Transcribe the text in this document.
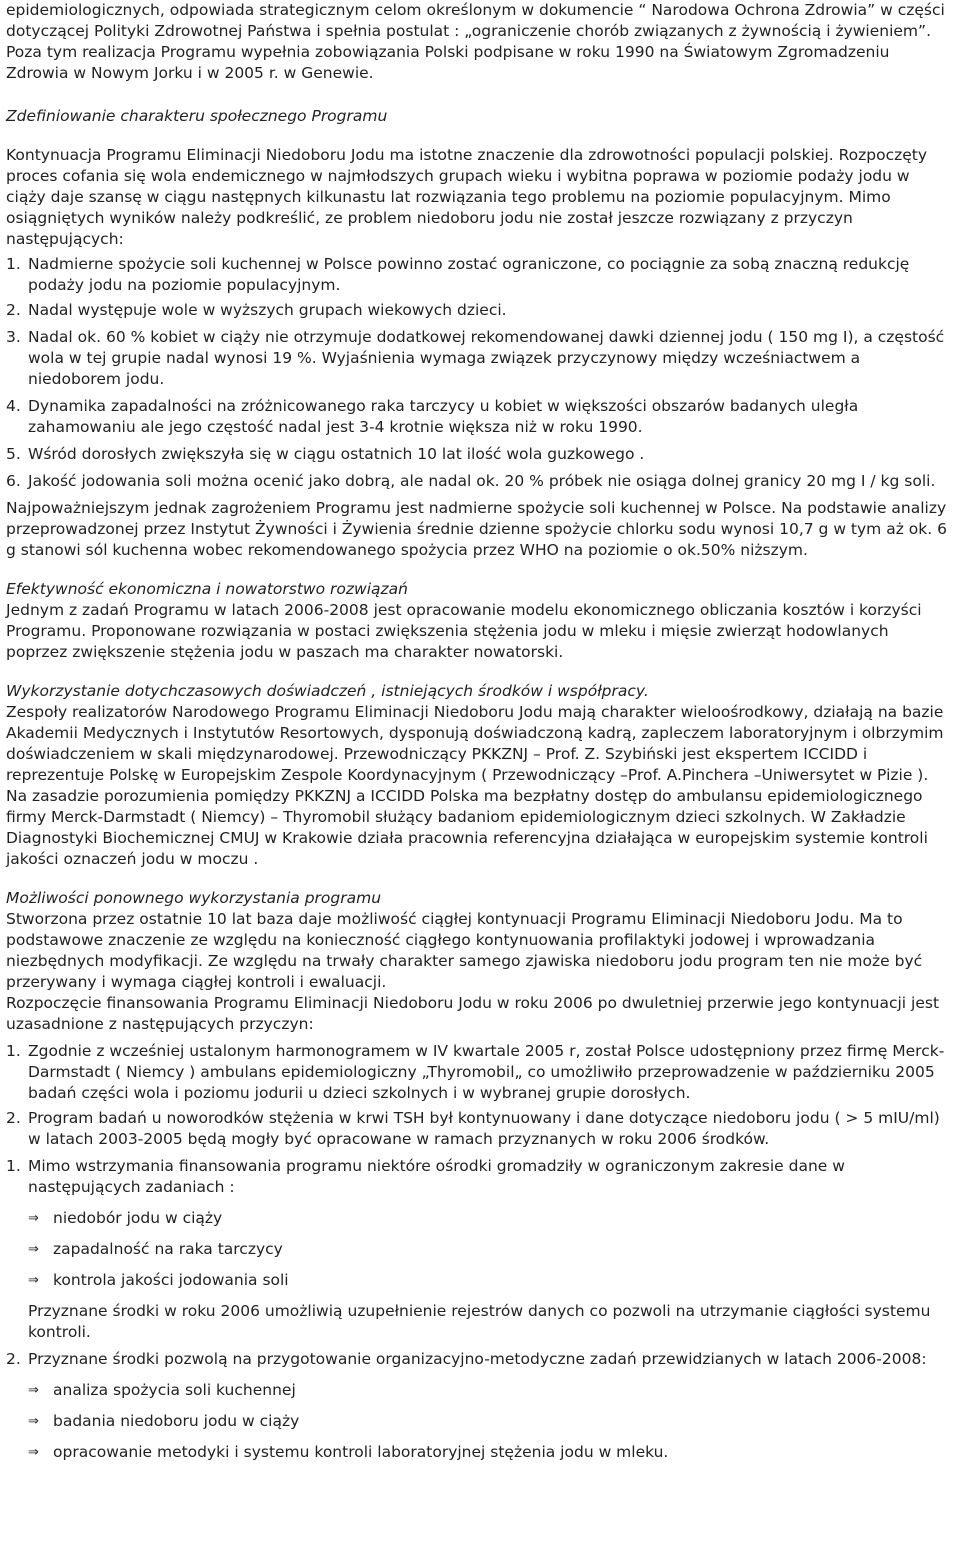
epidemiologicznych, odpowiada strategicznym celom określonym w dokumencie “ Narodowa Ochrona Zdrowia” w części dotyczącej Polityki Zdrowotnej Państwa i spełnia postulat : „ograniczenie chorób związanych z żywnością i żywieniem”. Poza tym realizacja Programu wypełnia zobowiązania Polski podpisane w roku 1990 na Światowym Zgromadzeniu Zdrowia w Nowym Jorku i w 2005 r. w Genewie.

Zdefiniowanie charakteru społecznego Programu

Kontynuacja Programu Eliminacji Niedoboru Jodu ma istotne znaczenie dla zdrowotności populacji polskiej. Rozpoczęty proces cofania się wola endemicznego w najmłodszych grupach wieku i wybitna poprawa w poziomie podaży jodu w ciąży daje szansę w ciągu następnych kilkunastu lat rozwiązania tego problemu na poziomie populacyjnym. Mimo osiągniętych wyników należy podkreślić, ze problem niedoboru jodu nie został jeszcze rozwiązany z przyczyn następujących:

1. Nadmierne spożycie soli kuchennej w Polsce powinno zostać ograniczone, co pociągnie za sobą znaczną redukcję podaży jodu na poziomie populacyjnym.
2. Nadal występuje wole w wyższych grupach wiekowych dzieci.
3. Nadal ok. 60 % kobiet w ciąży nie otrzymuje dodatkowej rekomendowanej dawki dziennej jodu ( 150 mg I), a częstość wola w tej grupie nadal wynosi 19 %. Wyjaśnienia wymaga związek przyczynowy między wcześniactwem a niedoborem jodu.
4. Dynamika zapadalności na zróżnicowanego raka tarczycy u kobiet w większości obszarów badanych uległa zahamowaniu ale jego częstość nadal jest 3-4 krotnie większa niż w roku 1990.
5. Wśród dorosłych zwiększyła się w ciągu ostatnich 10 lat ilość wola guzkowego .
6. Jakość jodowania soli można ocenić jako dobrą, ale nadal ok. 20 % próbek nie osiąga dolnej granicy 20 mg I / kg soli.

Najpoważniejszym jednak zagrożeniem Programu jest nadmierne spożycie soli kuchennej w Polsce. Na podstawie analizy przeprowadzonej przez Instytut Żywności i Żywienia średnie dzienne spożycie chlorku sodu wynosi 10,7 g w tym aż ok. 6 g stanowi sól kuchenna wobec rekomendowanego spożycia przez WHO na poziomie o ok.50% niższym.

Efektywność ekonomiczna i nowatorstwo rozwiązań

Jednym z zadań Programu w latach 2006-2008 jest opracowanie modelu ekonomicznego obliczania kosztów i korzyści Programu. Proponowane rozwiązania w postaci zwiększenia stężenia jodu w mleku i mięsie zwierząt hodowlanych poprzez zwiększenie stężenia jodu w paszach ma charakter nowatorski.

Wykorzystanie dotychczasowych doświadczeń , istniejących środków i współpracy.

Zespoły realizatorów Narodowego Programu Eliminacji Niedoboru Jodu mają charakter wieloośrodkowy, działają na bazie Akademii Medycznych i Instytutów Resortowych, dysponują doświadczoną kadrą, zapleczem laboratoryjnym i olbrzymim doświadczeniem w skali międzynarodowej. Przewodniczący PKKZNJ – Prof. Z. Szybiński jest ekspertem ICCIDD i reprezentuje Polskę w Europejskim Zespole Koordynacyjnym ( Przewodniczący –Prof. A.Pinchera –Uniwersytet w Pizie ). Na zasadzie porozumienia pomiędzy PKKZNJ a ICCIDD Polska ma bezpłatny dostęp do ambulansu epidemiologicznego firmy Merck-Darmstadt ( Niemcy) – Thyromobil służący badaniom epidemiologicznym dzieci szkolnych. W Zakładzie Diagnostyki Biochemicznej CMUJ w Krakowie działa pracownia referencyjna działająca w europejskim systemie kontroli jakości oznaczeń jodu w moczu .

Możliwości ponownego wykorzystania programu

Stworzona przez ostatnie 10 lat baza daje możliwość ciągłej kontynuacji Programu Eliminacji Niedoboru Jodu. Ma to podstawowe znaczenie ze względu na konieczność ciągłego kontynuowania profilaktyki jodowej i wprowadzania niezbędnych modyfikacji. Ze względu na trwały charakter samego zjawiska niedoboru jodu program ten nie może być przerywany i wymaga ciągłej kontroli i ewaluacji.

Rozpoczęcie finansowania Programu Eliminacji Niedoboru Jodu w roku 2006 po dwuletniej przerwie jego kontynuacji jest uzasadnione z następujących przyczyn:

1. Zgodnie z wcześniej ustalonym harmonogramem w IV kwartale 2005 r, został Polsce udostępniony przez firmę Merck-Darmstadt ( Niemcy ) ambulans epidemiologiczny „Thyromobil„ co umożliwiło przeprowadzenie w październiku 2005 badań części wola i poziomu jodurii u dzieci szkolnych i w wybranej grupie dorosłych.
2. Program badań u noworodków stężenia w krwi TSH był kontynuowany i dane dotyczące niedoboru jodu ( > 5 mIU/ml) w latach 2003-2005 będą mogły być opracowane w ramach przyznanych w roku 2006 środków.
1. Mimo wstrzymania finansowania programu niektóre ośrodki gromadziły w ograniczonym zakresie dane w następujących zadaniach :
⇒ niedobór jodu w ciąży
⇒ zapadalność na raka tarczycy
⇒ kontrola jakości jodowania soli

Przyznane środki w roku 2006 umożliwią uzupełnienie rejestrów danych co pozwoli na utrzymanie ciągłości systemu kontroli.

2. Przyznane środki pozwolą na przygotowanie organizacyjno-metodyczne zadań przewidzianych w latach 2006-2008:
⇒ analiza spożycia soli kuchennej
⇒ badania niedoboru jodu w ciąży
⇒ opracowanie metodyki i systemu kontroli laboratoryjnej stężenia jodu w mleku.
